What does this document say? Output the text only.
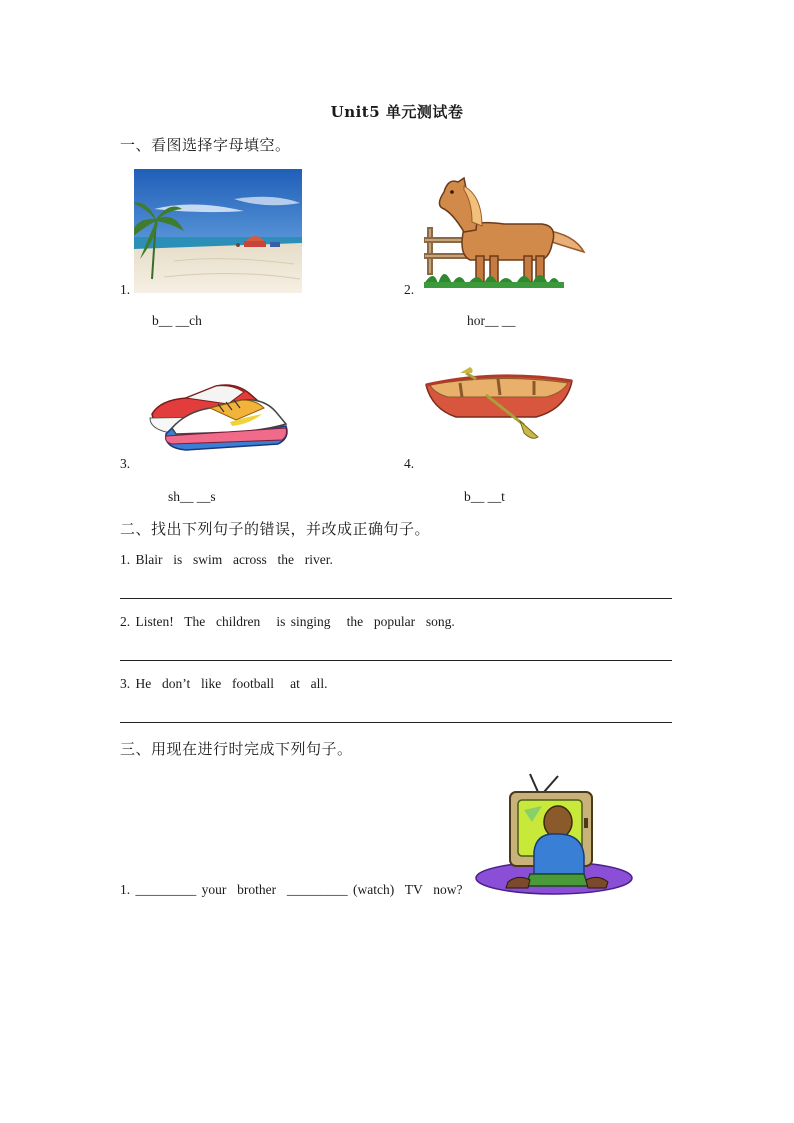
Unit5 单元测试卷
一、看图选择字母填空。
1.	2.
b__ __ch	hor__ __
3.	4.
sh__ __s	b__ __t
二、找出下列句子的错误，并改成正确句子。
1. Blair  is  swim  across  the  river.
2. Listen!  The  children   is singing   the  popular  song.
3. He  don’t  like  football   at  all.
三、用现在进行时完成下列句子。
1. _________ your  brother  _________ (watch)  TV  now?
